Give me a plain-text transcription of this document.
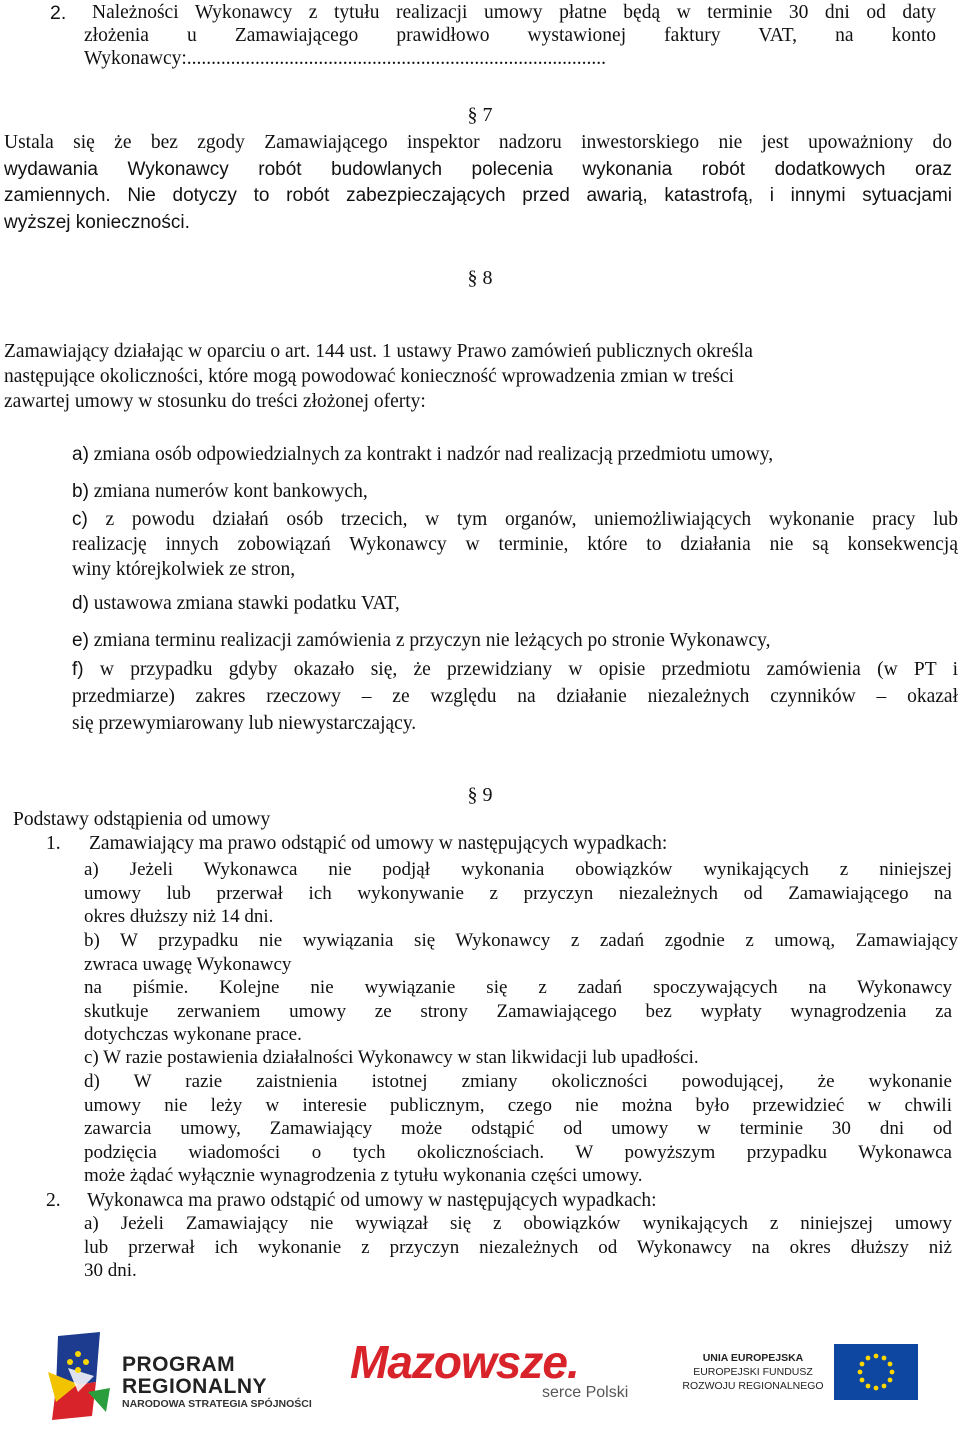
2. Należności Wykonawcy z tytułu realizacji umowy płatne będą w terminie 30 dni od daty
złożenia u Zamawiającego prawidłowo wystawionej faktury VAT, na konto
Wykonawcy:......................................................................................
§ 7
Ustala się że bez zgody Zamawiającego inspektor nadzoru inwestorskiego nie jest upoważniony do
wydawania Wykonawcy robót budowlanych polecenia wykonania robót dodatkowych oraz
zamiennych. Nie dotyczy to robót zabezpieczających przed awarią, katastrofą, i innymi sytuacjami
wyższej konieczności.
§ 8
Zamawiający działając w oparciu o art. 144 ust. 1 ustawy Prawo zamówień publicznych określa
następujące okoliczności, które mogą powodować konieczność wprowadzenia zmian w treści
zawartej umowy w stosunku do treści złożonej oferty:
a) zmiana osób odpowiedzialnych za kontrakt i nadzór nad realizacją przedmiotu umowy,
b) zmiana numerów kont bankowych,
c) z powodu działań osób trzecich, w tym organów, uniemożliwiających wykonanie pracy lub
realizację innych zobowiązań Wykonawcy w terminie, które to działania nie są konsekwencją
winy którejkolwiek ze stron,
d) ustawowa zmiana stawki podatku VAT,
e) zmiana terminu realizacji zamówienia z przyczyn nie leżących po stronie Wykonawcy,
f) w przypadku gdyby okazało się, że przewidziany w opisie przedmiotu zamówienia (w PT i
przedmiarze) zakres rzeczowy – ze względu na działanie niezależnych czynników – okazał
się przewymiarowany lub niewystarczający.
§ 9
Podstawy odstąpienia od umowy
1. Zamawiający ma prawo odstąpić od umowy w następujących wypadkach:
a) Jeżeli Wykonawca nie podjął wykonania obowiązków wynikających z niniejszej
umowy lub przerwał ich wykonywanie z przyczyn niezależnych od Zamawiającego na
okres dłuższy niż 14 dni.
b) W przypadku nie wywiązania się Wykonawcy z zadań zgodnie z umową, Zamawiający
zwraca uwagę Wykonawcy
na piśmie. Kolejne nie wywiązanie się z zadań spoczywających na Wykonawcy
skutkuje zerwaniem umowy ze strony Zamawiającego bez wypłaty wynagrodzenia za
dotychczas wykonane prace.
c) W razie postawienia działalności Wykonawcy w stan likwidacji lub upadłości.
d) W razie zaistnienia istotnej zmiany okoliczności powodującej, że wykonanie
umowy nie leży w interesie publicznym, czego nie można było przewidzieć w chwili
zawarcia umowy, Zamawiający może odstąpić od umowy w terminie 30 dni od
podzięcia wiadomości o tych okolicznościach. W powyższym przypadku Wykonawca
może żądać wyłącznie wynagrodzenia z tytułu wykonania części umowy.
2. Wykonawca ma prawo odstąpić od umowy w następujących wypadkach:
a) Jeżeli Zamawiający nie wywiązał się z obowiązków wynikających z niniejszej umowy
lub przerwał ich wykonanie z przyczyn niezależnych od Wykonawcy na okres dłuższy niż
30 dni.
PROGRAM
REGIONALNY
NARODOWA STRATEGIA SPÓJNOŚCI
Mazowsze.
serce Polski
UNIA EUROPEJSKA
EUROPEJSKI FUNDUSZ
ROZWOJU REGIONALNEGO
